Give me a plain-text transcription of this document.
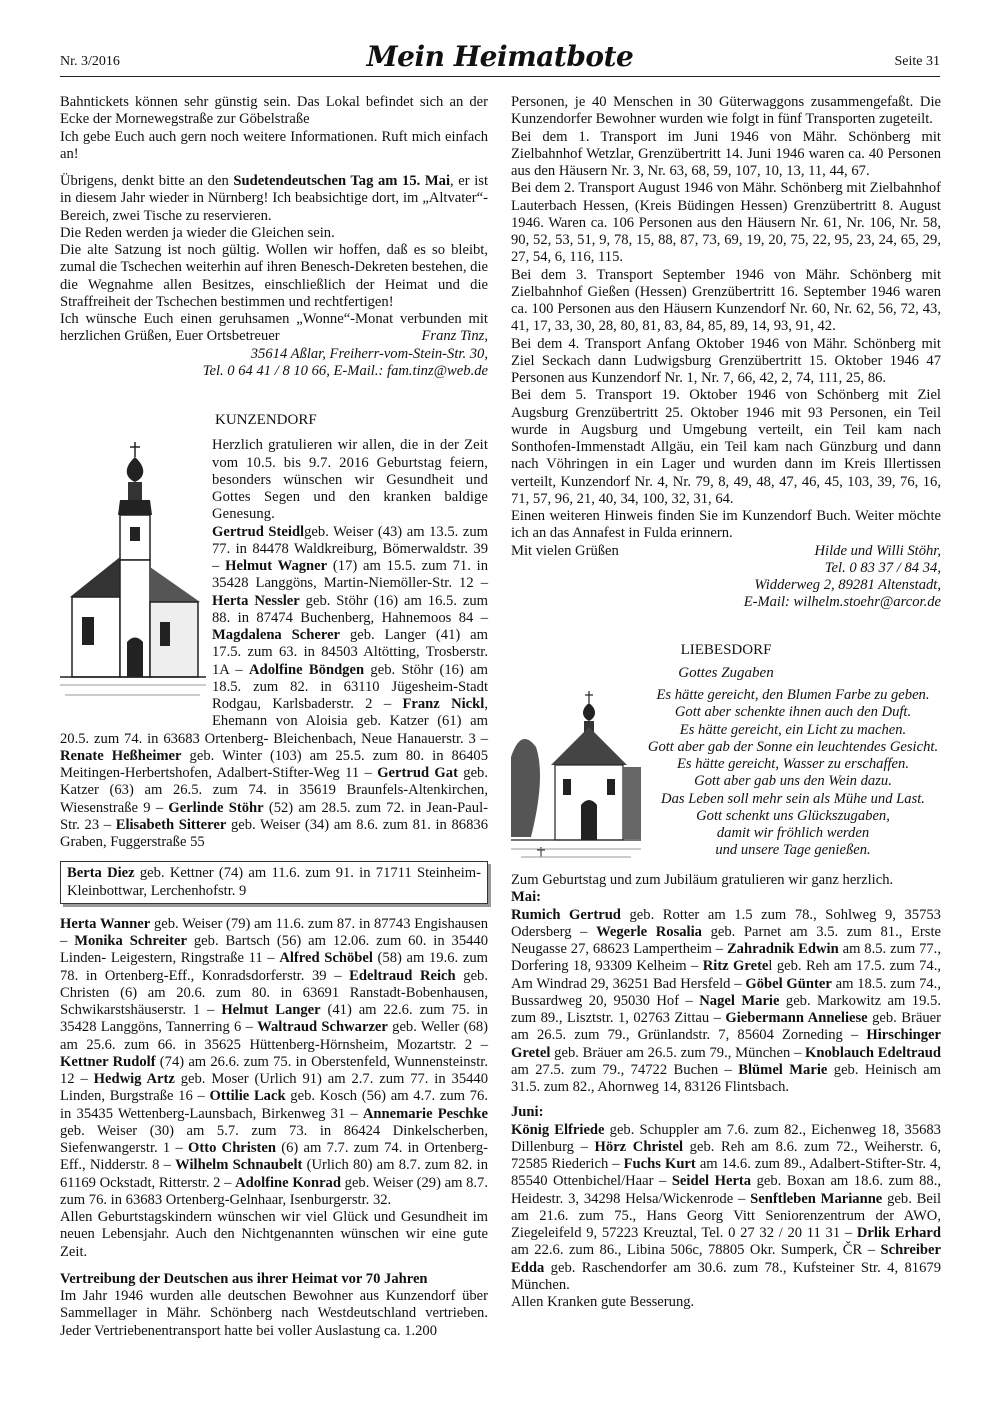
Nr. 3/2016	Mein Heimatbote	Seite 31

Bahntickets können sehr günstig sein. Das Lokal befindet sich an der Ecke der Mornewegstraße zur Göbelstraße

Ich gebe Euch auch gern noch weitere Informationen. Ruft mich einfach an!

Übrigens, denkt bitte an den Sudetendeutschen Tag am 15. Mai, er ist in diesem Jahr wieder in Nürnberg! Ich beabsichtige dort, im „Altvater“-Bereich, zwei Tische zu reservieren.

Die Reden werden ja wieder die Gleichen sein.

Die alte Satzung ist noch gültig. Wollen wir hoffen, daß es so bleibt, zumal die Tschechen weiterhin auf ihren Benesch-Dekreten bestehen, die die Wegnahme allen Besitzes, einschließlich der Heimat und die Straffreiheit der Tschechen bestimmen und rechtfertigen!

Ich wünsche Euch einen geruhsamen „Wonne“-Monat verbunden mit herzlichen Grüßen, Euer Ortsbetreuer	Franz Tinz,

35614 Aßlar, Freiherr-vom-Stein-Str. 30,

Tel. 0 64 41 / 8 10 66, E-Mail.: fam.tinz@web.de

KUNZENDORF

Herzlich gratulieren wir allen, die in der Zeit vom 10.5. bis 9.7. 2016 Geburtstag feiern, besonders wünschen wir Gesundheit und Gottes Segen und den kranken baldige Genesung.

Gertrud Steidlgeb. Weiser (43) am 13.5. zum 77. in 84478 Waldkreiburg, Bömerwaldstr. 39 – Helmut Wagner (17) am 15.5. zum 71. in 35428 Langgöns, Martin-Niemöller-Str. 12 – Herta Nessler geb. Stöhr (16) am 16.5. zum 88. in 87474 Buchenberg, Hahnemoos 84 – Magdalena Scherer geb. Langer (41) am 17.5. zum 63. in 84503 Altötting, Trosberstr. 1A – Adolfine Böndgen geb. Stöhr (16) am 18.5. zum 82. in 63110 Jügesheim-Stadt Rodgau, Karlsbaderstr. 2 – Franz Nickl, Ehemann von Aloisia geb. Katzer (61) am 20.5. zum 74. in 63683 Ortenberg- Bleichenbach, Neue Hanauerstr. 3 – Renate Heßheimer geb. Winter (103) am 25.5. zum 80. in 86405 Meitingen-Herbertshofen, Adalbert-Stifter-Weg 11 – Gertrud Gat geb. Katzer (63) am 26.5. zum 74. in 35619 Braunfels-Altenkirchen, Wiesenstraße 9 – Gerlinde Stöhr (52) am 28.5. zum 72. in Jean-Paul-Str. 23 – Elisabeth Sitterer geb. Weiser (34) am 8.6. zum 81. in 86836 Graben, Fuggerstraße 55

Berta Diez geb. Kettner (74) am 11.6. zum 91. in 71711 Steinheim-Kleinbottwar, Lerchenhofstr. 9

Herta Wanner geb. Weiser (79) am 11.6. zum 87. in 87743 Engishausen – Monika Schreiter geb. Bartsch (56) am 12.06. zum 60. in 35440 Linden- Leigestern, Ringstraße 11 – Alfred Schöbel (58) am 19.6. zum 78. in Ortenberg-Eff., Konradsdorferstr. 39 – Edeltraud Reich geb. Christen (6) am 20.6. zum 80. in 63691 Ranstadt-Bobenhausen, Schwikarstshäuserstr. 1 – Helmut Langer (41) am 22.6. zum 75. in 35428 Langgöns, Tannerring 6 – Waltraud Schwarzer geb. Weller (68) am 25.6. zum 66. in 35625 Hüttenberg-Hörnsheim, Mozartstr. 2 – Kettner Rudolf (74) am 26.6. zum 75. in Oberstenfeld, Wunnensteinstr. 12 – Hedwig Artz geb. Moser (Urlich 91) am 2.7. zum 77. in 35440 Linden, Burgstraße 16 – Ottilie Lack geb. Kosch (56) am 4.7. zum 76. in 35435 Wettenberg-Launsbach, Birkenweg 31 – Annemarie Peschke geb. Weiser (30) am 5.7. zum 73. in 86424 Dinkelscherben, Siefenwangerstr. 1 – Otto Christen (6) am 7.7. zum 74. in Ortenberg-Eff., Nidderstr. 8 – Wilhelm Schnaubelt (Urlich 80) am 8.7. zum 82. in 61169 Ockstadt, Ritterstr. 2 – Adolfine Konrad geb. Weiser (29) am 8.7. zum 76. in 63683 Ortenberg-Gelnhaar, Isenburgerstr. 32.

Allen Geburtstagskindern wünschen wir viel Glück und Gesundheit im neuen Lebensjahr. Auch den Nichtgenannten wünschen wir eine gute Zeit.

Vertreibung der Deutschen aus ihrer Heimat vor 70 Jahren

Im Jahr 1946 wurden alle deutschen Bewohner aus Kunzendorf über Sammellager in Mähr. Schönberg nach Westdeutschland vertrieben. Jeder Vertriebenentransport hatte bei voller Auslastung ca. 1.200

Personen, je 40 Menschen in 30 Güterwaggons zusammengefaßt. Die Kunzendorfer Bewohner wurden wie folgt in fünf Transporten zugeteilt.

Bei dem 1. Transport im Juni 1946 von Mähr. Schönberg mit Zielbahnhof Wetzlar, Grenzübertritt 14. Juni 1946 waren ca. 40 Personen aus den Häusern Nr. 3, Nr. 63, 68, 59, 107, 10, 13, 11, 44, 67.

Bei dem 2. Transport August 1946 von Mähr. Schönberg mit Zielbahnhof Lauterbach Hessen, (Kreis Büdingen Hessen) Grenzübertritt 8. August 1946. Waren ca. 106 Personen aus den Häusern Nr. 61, Nr. 106, Nr. 58, 90, 52, 53, 51, 9, 78, 15, 88, 87, 73, 69, 19, 20, 75, 22, 95, 23, 24, 65, 29, 27, 54, 6, 116, 115.

Bei dem 3. Transport September 1946 von Mähr. Schönberg mit Zielbahnhof Gießen (Hessen) Grenzübertritt 16. September 1946 waren ca. 100 Personen aus den Häusern Kunzendorf Nr. 60, Nr. 62, 56, 72, 43, 41, 17, 33, 30, 28, 80, 81, 83, 84, 85, 89, 14, 93, 91, 42.

Bei dem 4. Transport Anfang Oktober 1946 von Mähr. Schönberg mit Ziel Seckach dann Ludwigsburg Grenzübertritt 15. Oktober 1946 47 Personen aus Kunzendorf Nr. 1, Nr. 7, 66, 42, 2, 74, 111, 25, 86.

Bei dem 5. Transport 19. Oktober 1946 von Schönberg mit Ziel Augsburg Grenzübertritt 25. Oktober 1946 mit 93 Personen, ein Teil wurde in Augsburg und Umgebung verteilt, ein Teil kam nach Sonthofen-Immenstadt Allgäu, ein Teil kam nach Günzburg und dann nach Vöhringen in ein Lager und wurden dann im Kreis Illertissen verteilt, Kunzendorf Nr. 4, Nr. 79, 8, 49, 48, 47, 46, 45, 103, 39, 76, 16, 71, 57, 96, 21, 40, 34, 100, 32, 31, 64.

Einen weiteren Hinweis finden Sie im Kunzendorf Buch. Weiter möchte ich an das Annafest in Fulda erinnern.

Mit vielen Grüßen	Hilde und Willi Stöhr,

Tel. 0 83 37 / 84 34,

Widderweg 2, 89281 Altenstadt,

E-Mail: wilhelm.stoehr@arcor.de

LIEBESDORF

Gottes Zugaben

Es hätte gereicht, den Blumen Farbe zu geben.
Gott aber schenkte ihnen auch den Duft.
Es hätte gereicht, ein Licht zu machen.
Gott aber gab der Sonne ein leuchtendes Gesicht.
Es hätte gereicht, Wasser zu erschaffen.
Gott aber gab uns den Wein dazu.
Das Leben soll mehr sein als Mühe und Last.
Gott schenkt uns Glückszugaben,
damit wir fröhlich werden
und unsere Tage genießen.

Zum Geburtstag und zum Jubiläum gratulieren wir ganz herzlich.

Mai:

Rumich Gertrud geb. Rotter am 1.5 zum 78., Sohlweg 9, 35753 Odersberg – Wegerle Rosalia geb. Parnet am 3.5. zum 81., Erste Neugasse 27, 68623 Lampertheim – Zahradnik Edwin am 8.5. zum 77., Dorfering 18, 93309 Kelheim – Ritz Gretel geb. Reh am 17.5. zum 74., Am Windrad 29, 36251 Bad Hersfeld – Göbel Günter am 18.5. zum 74., Bussardweg 20, 95030 Hof – Nagel Marie geb. Markowitz am 19.5. zum 89., Lisztstr. 1, 02763 Zittau – Giebermann Anneliese geb. Bräuer am 26.5. zum 79., Grünlandstr. 7, 85604 Zorneding – Hirschinger Gretel geb. Bräuer am 26.5. zum 79., München – Knoblauch Edeltraud am 27.5. zum 79., 74722 Buchen – Blümel Marie geb. Heinisch am 31.5. zum 82., Ahornweg 14, 83126 Flintsbach.

Juni:

König Elfriede geb. Schuppler am 7.6. zum 82., Eichenweg 18, 35683 Dillenburg – Hörz Christel geb. Reh am 8.6. zum 72., Weiherstr. 6, 72585 Riederich – Fuchs Kurt am 14.6. zum 89., Adalbert-Stifter-Str. 4, 85540 Ottenbichel/Haar – Seidel Herta geb. Boxan am 18.6. zum 88., Heidestr. 3, 34298 Helsa/Wickenrode – Senftleben Marianne geb. Beil am 21.6. zum 75., Hans Georg Vitt Seniorenzentrum der AWO, Ziegeleifeld 9, 57223 Kreuztal, Tel. 0 27 32 / 20 11 31 – Drlik Erhard am 22.6. zum 86., Libina 506c, 78805 Okr. Sumperk, ČR – Schreiber Edda geb. Raschendorfer am 30.6. zum 78., Kufsteiner Str. 4, 81679 München.

Allen Kranken gute Besserung.
